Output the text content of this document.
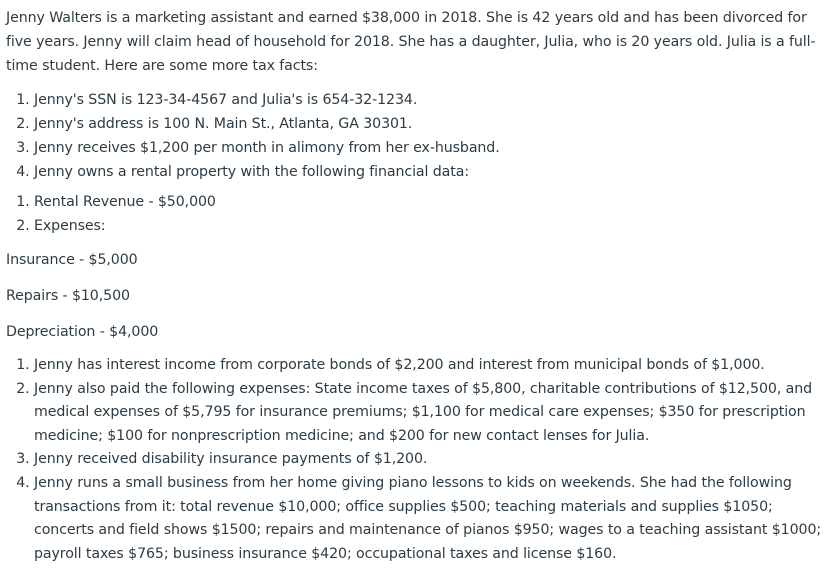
Jenny Walters is a marketing assistant and earned $38,000 in 2018. She is 42 years old and has been divorced for five years. Jenny will claim head of household for 2018. She has a daughter, Julia, who is 20 years old. Julia is a full-time student. Here are some more tax facts:

1. Jenny's SSN is 123-34-4567 and Julia's is 654-32-1234.
2. Jenny's address is 100 N. Main St., Atlanta, GA 30301.
3. Jenny receives $1,200 per month in alimony from her ex-husband.
4. Jenny owns a rental property with the following financial data:
1. Rental Revenue - $50,000
2. Expenses:

Insurance - $5,000

Repairs - $10,500

Depreciation - $4,000

1. Jenny has interest income from corporate bonds of $2,200 and interest from municipal bonds of $1,000.
2. Jenny also paid the following expenses: State income taxes of $5,800, charitable contributions of $12,500, and medical expenses of $5,795 for insurance premiums; $1,100 for medical care expenses; $350 for prescription medicine; $100 for nonprescription medicine; and $200 for new contact lenses for Julia.
3. Jenny received disability insurance payments of $1,200.
4. Jenny runs a small business from her home giving piano lessons to kids on weekends. She had the following transactions from it: total revenue $10,000; office supplies $500; teaching materials and supplies $1050; concerts and field shows $1500; repairs and maintenance of pianos $950; wages to a teaching assistant $1000; payroll taxes $765; business insurance $420; occupational taxes and license $160.
